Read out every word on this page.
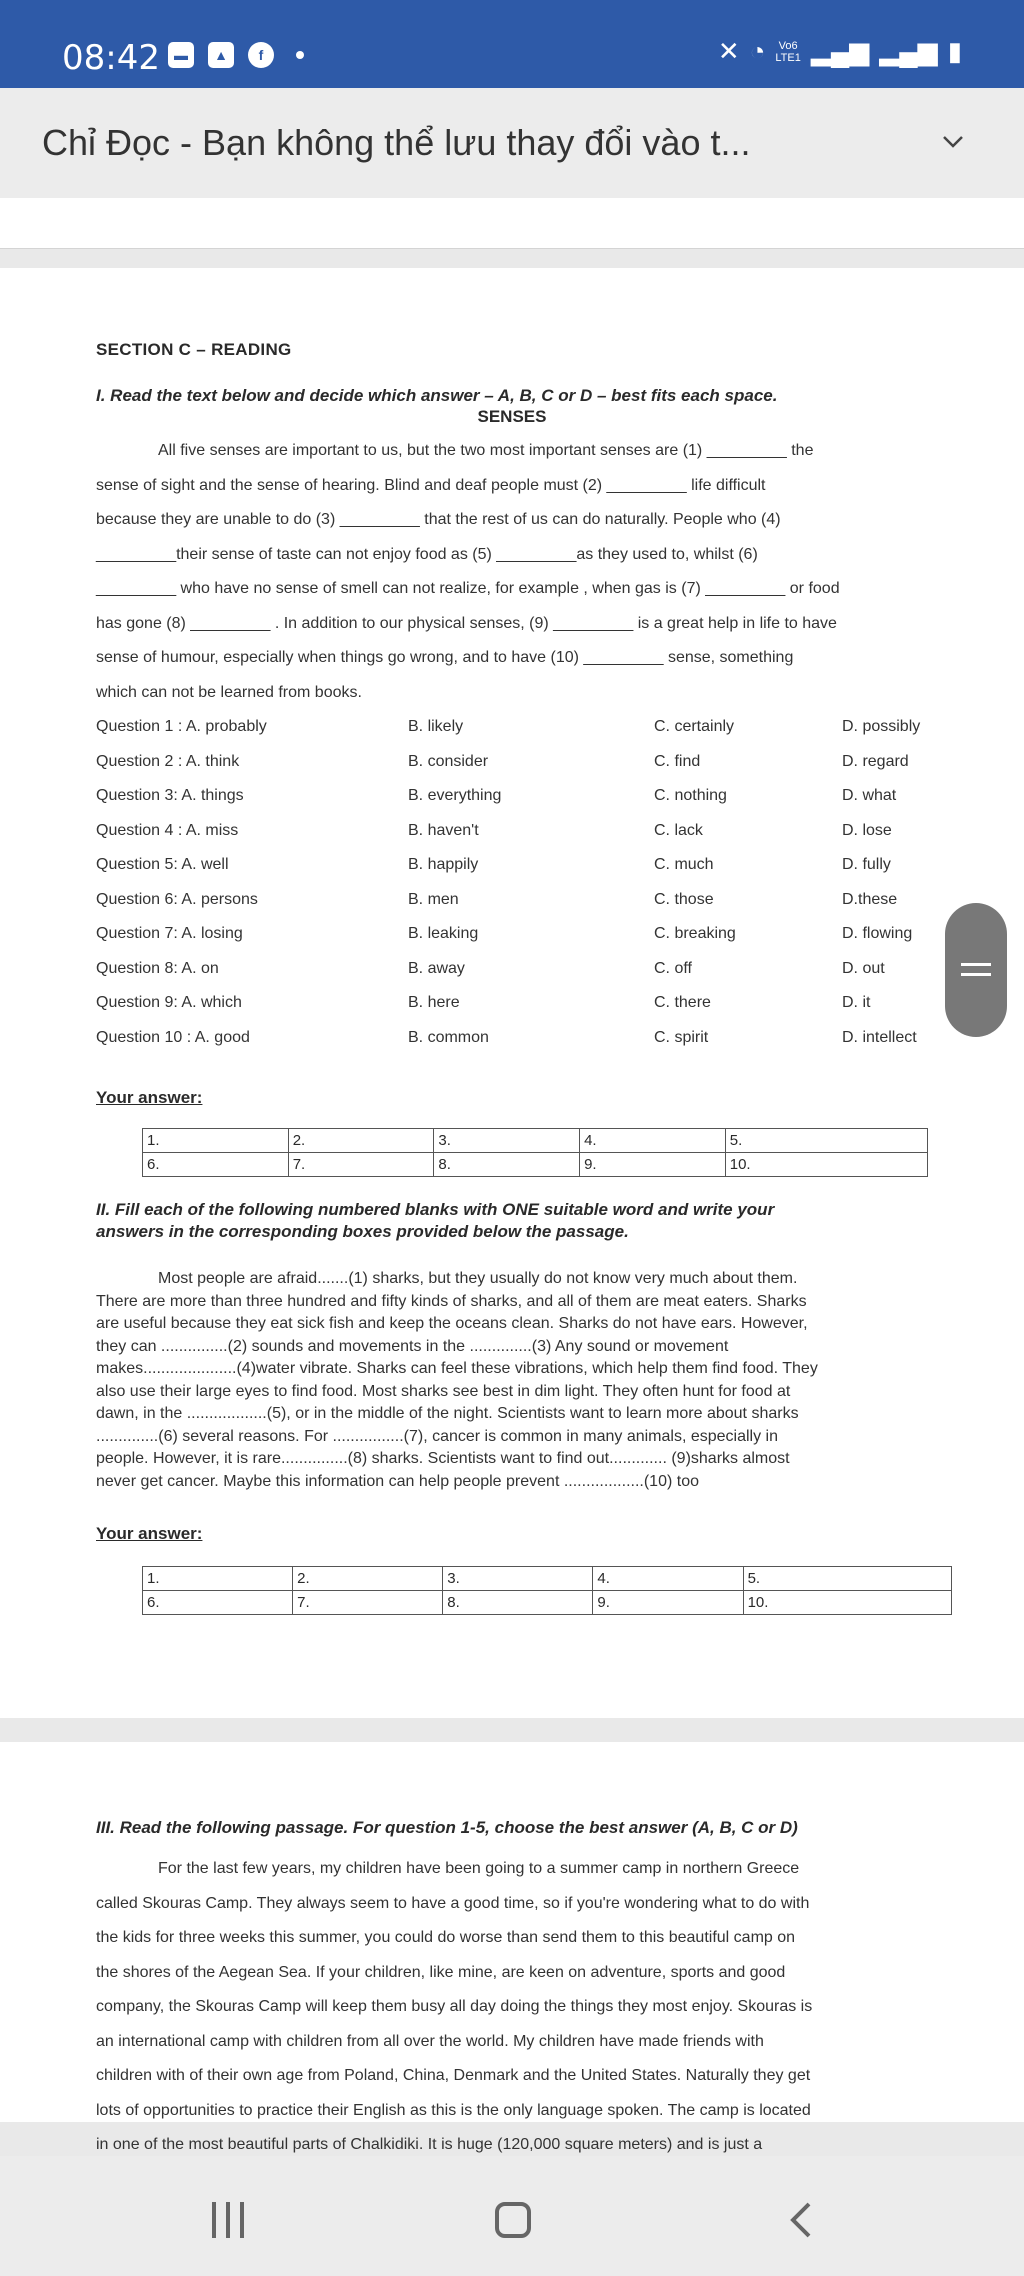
08:42	▬	▲	f	✕ ◔ Vo6
LTE1 ▂▄▆ ▂▄▆ ▮
Chỉ Đọc - Bạn không thể lưu thay đổi vào t...
SECTION C – READING
I. Read the text below and decide which answer – A, B, C or D – best fits each space.
SENSES
All five senses are important to us, but the two most important senses are (1) _________ the
sense of sight and the sense of hearing. Blind and deaf people must (2) _________ life difficult
because they are unable to do (3) _________ that the rest of us can do naturally. People who (4)
_________their sense of taste can not enjoy food as (5) _________as they used to, whilst (6)
_________ who have no sense of smell can not realize, for example , when gas is (7) _________ or food
has gone (8) _________ . In addition to our physical senses, (9) _________ is a great help in life to have
sense of humour, especially when things go wrong, and to have (10) _________ sense, something
which can not be learned from books.
Question 1 : A. probably	B. likely	C. certainly	D. possibly
Question 2 : A. think	B. consider	C. find	D. regard
Question 3: A. things	B. everything	C. nothing	D. what
Question 4 : A. miss	B. haven't	C. lack	D. lose
Question 5: A. well	B. happily	C. much	D. fully
Question 6: A. persons	B. men	C. those	D.these
Question 7: A. losing	B. leaking	C. breaking	D. flowing
Question 8: A. on	B. away	C. off	D. out
Question 9: A. which	B. here	C. there	D. it
Question 10 : A. good	B. common	C. spirit	D. intellect
Your answer:
1.	2.	3.	4.	5.
6.	7.	8.	9.	10.
II. Fill each of the following numbered blanks with ONE suitable word and write your
answers in the corresponding boxes provided below the passage.
Most people are afraid.......(1) sharks, but they usually do not know very much about them.
There are more than three hundred and fifty kinds of sharks, and all of them are meat eaters. Sharks
are useful because they eat sick fish and keep the oceans clean. Sharks do not have ears. However,
they can ...............(2) sounds and movements in the ..............(3) Any sound or movement
makes.....................(4)water vibrate. Sharks can feel these vibrations, which help them find food. They
also use their large eyes to find food. Most sharks see best in dim light. They often hunt for food at
dawn, in the ..................(5), or in the middle of the night. Scientists want to learn more about sharks
..............(6) several reasons. For ................(7), cancer is common in many animals, especially in
people. However, it is rare...............(8) sharks. Scientists want to find out............. (9)sharks almost
never get cancer. Maybe this information can help people prevent ..................(10) too
Your answer:
1.	2.	3.	4.	5.
6.	7.	8.	9.	10.
III. Read the following passage. For question 1-5, choose the best answer (A, B, C or D)
For the last few years, my children have been going to a summer camp in northern Greece
called Skouras Camp. They always seem to have a good time, so if you're wondering what to do with
the kids for three weeks this summer, you could do worse than send them to this beautiful camp on
the shores of the Aegean Sea. If your children, like mine, are keen on adventure, sports and good
company, the Skouras Camp will keep them busy all day doing the things they most enjoy. Skouras is
an international camp with children from all over the world. My children have made friends with
children with of their own age from Poland, China, Denmark and the United States. Naturally they get
lots of opportunities to practice their English as this is the only language spoken. The camp is located
in one of the most beautiful parts of Chalkidiki. It is huge (120,000 square meters) and is just a
